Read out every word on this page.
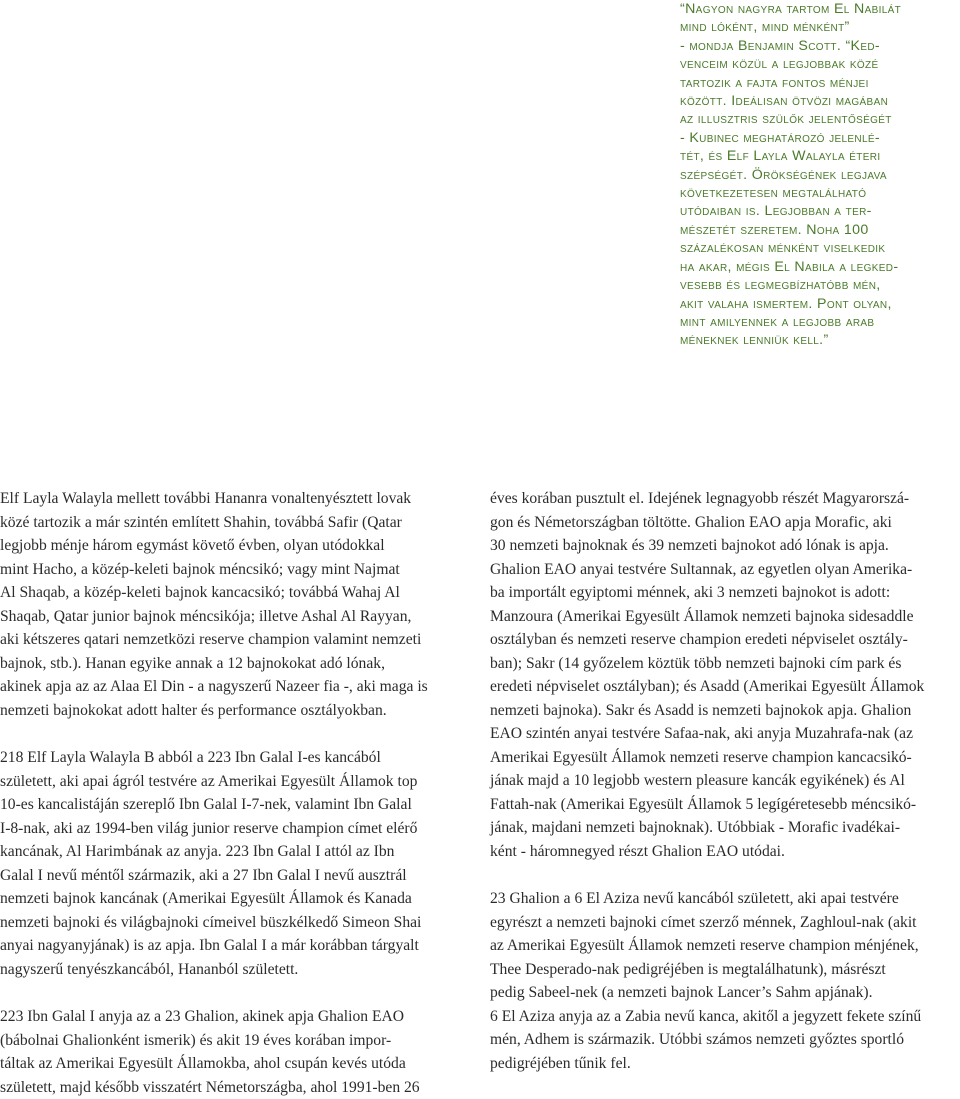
“Nagyon nagyra tartom El Nabilát
mind lóként, mind ménként”
- mondja Benjamin Scott. “Ked-
venceim közül a legjobbak közé
tartozik a fajta fontos ménjei
között. Ideálisan ötvözi magában
az illusztris szülők jelentőségét
- Kubinec meghatározó jelenlé-
tét, és Elf Layla Walayla éteri
szépségét. Örökségének legjava
következetesen megtalálható
utódaiban is. Legjobban a ter-
mészetét szeretem. Noha 100
százalékosan ménként viselkedik
ha akar, mégis El Nabila a legked-
vesebb és legmegbízhatóbb mén,
akit valaha ismertem. Pont olyan,
mint amilyennek a legjobb arab
méneknek lenniük kell.”

Elf Layla Walayla mellett további Hananra vonaltenyésztett lovak
közé tartozik a már szintén említett Shahin, továbbá Safir (Qatar
legjobb ménje három egymást követő évben, olyan utódokkal
mint Hacho, a közép-keleti bajnok méncsikó; vagy mint Najmat
Al Shaqab, a közép-keleti bajnok kancacsikó; továbbá Wahaj Al
Shaqab, Qatar junior bajnok méncsikója; illetve Ashal Al Rayyan,
aki kétszeres qatari nemzetközi reserve champion valamint nemzeti
bajnok, stb.). Hanan egyike annak a 12 bajnokokat adó lónak,
akinek apja az az Alaa El Din - a nagyszerű Nazeer fia -, aki maga is
nemzeti bajnokokat adott halter és performance osztályokban.

218 Elf Layla Walayla B abból a 223 Ibn Galal I-es kancából
született, aki apai ágról testvére az Amerikai Egyesült Államok top
10-es kancalistáján szereplő Ibn Galal I-7-nek, valamint Ibn Galal
I-8-nak, aki az 1994-ben világ junior reserve champion címet elérő
kancának, Al Harimbának az anyja. 223 Ibn Galal I attól az Ibn
Galal I nevű méntől származik, aki a 27 Ibn Galal I nevű ausztrál
nemzeti bajnok kancának (Amerikai Egyesült Államok és Kanada
nemzeti bajnoki és világbajnoki címeivel büszkélkedő Simeon Shai
anyai nagyanyjának) is az apja. Ibn Galal I a már korábban tárgyalt
nagyszerű tenyészkancából, Hananból született.

223 Ibn Galal I anyja az a 23 Ghalion, akinek apja Ghalion EAO
(bábolnai Ghalionként ismerik) és akit 19 éves korában impor-
táltak az Amerikai Egyesült Államokba, ahol csupán kevés utóda
született, majd később visszatért Németországba, ahol 1991-ben 26

éves korában pusztult el. Idejének legnagyobb részét Magyarorszá-
gon és Németországban töltötte. Ghalion EAO apja Morafic, aki
30 nemzeti bajnoknak és 39 nemzeti bajnokot adó lónak is apja.
Ghalion EAO anyai testvére Sultannak, az egyetlen olyan Amerika-
ba importált egyiptomi ménnek, aki 3 nemzeti bajnokot is adott:
Manzoura (Amerikai Egyesült Államok nemzeti bajnoka sidesaddle
osztályban és nemzeti reserve champion eredeti népviselet osztály-
ban); Sakr (14 győzelem köztük több nemzeti bajnoki cím park és
eredeti népviselet osztályban); és Asadd (Amerikai Egyesült Államok
nemzeti bajnoka). Sakr és Asadd is nemzeti bajnokok apja. Ghalion
EAO szintén anyai testvére Safaa-nak, aki anyja Muzahrafa-nak (az
Amerikai Egyesült Államok nemzeti reserve champion kancacsikó-
jának majd a 10 legjobb western pleasure kancák egyikének) és Al
Fattah-nak (Amerikai Egyesült Államok 5 legígéretesebb méncsikó-
jának, majdani nemzeti bajnoknak). Utóbbiak - Morafic ivadékai-
ként - háromnegyed részt Ghalion EAO utódai.

23 Ghalion a 6 El Aziza nevű kancából született, aki apai testvére
egyrészt a nemzeti bajnoki címet szerző ménnek, Zaghloul-nak (akit
az Amerikai Egyesült Államok nemzeti reserve champion ménjének,
Thee Desperado-nak pedigréjében is megtalálhatunk), másrészt
pedig Sabeel-nek (a nemzeti bajnok Lancer’s Sahm apjának).
6 El Aziza anyja az a Zabia nevű kanca, akitől a jegyzett fekete színű
mén, Adhem is származik. Utóbbi számos nemzeti győztes sportló
pedigréjében tűnik fel.
